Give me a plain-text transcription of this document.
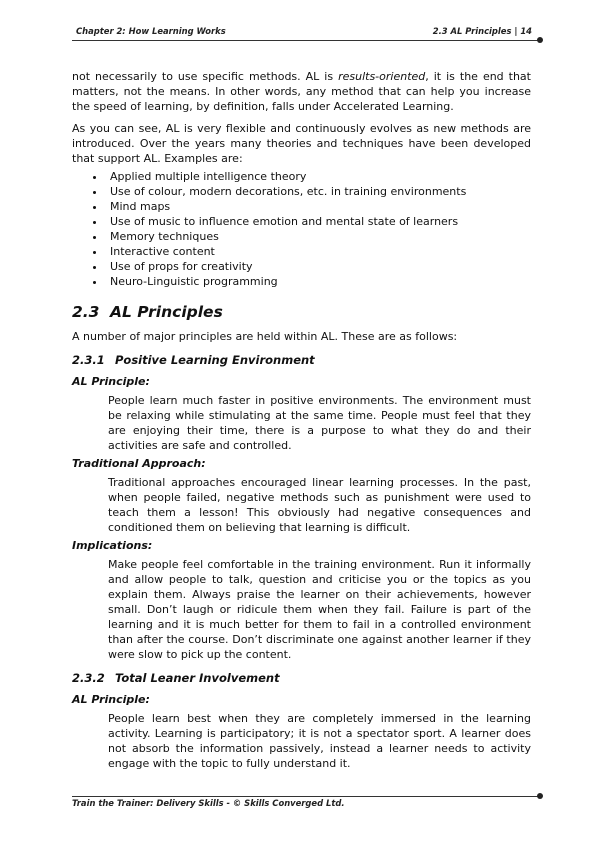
Chapter 2: How Learning Works	2.3 AL Principles | 14

not necessarily to use specific methods. AL is results-oriented, it is the end that matters, not the means. In other words, any method that can help you increase the speed of learning, by definition, falls under Accelerated Learning.

As you can see, AL is very flexible and continuously evolves as new methods are introduced. Over the years many theories and techniques have been developed that support AL. Examples are:

• Applied multiple intelligence theory
• Use of colour, modern decorations, etc. in training environments
• Mind maps
• Use of music to influence emotion and mental state of learners
• Memory techniques
• Interactive content
• Use of props for creativity
• Neuro-Linguistic programming
2.3 AL Principles

A number of major principles are held within AL. These are as follows:

2.3.1 Positive Learning Environment
AL Principle:

People learn much faster in positive environments. The environment must be relaxing while stimulating at the same time. People must feel that they are enjoying their time, there is a purpose to what they do and their activities are safe and controlled.

Traditional Approach:

Traditional approaches encouraged linear learning processes. In the past, when people failed, negative methods such as punishment were used to teach them a lesson! This obviously had negative consequences and conditioned them on believing that learning is difficult.

Implications:

Make people feel comfortable in the training environment. Run it informally and allow people to talk, question and criticise you or the topics as you explain them. Always praise the learner on their achievements, however small. Don’t laugh or ridicule them when they fail. Failure is part of the learning and it is much better for them to fail in a controlled environment than after the course. Don’t discriminate one against another learner if they were slow to pick up the content.

2.3.2 Total Leaner Involvement
AL Principle:

People learn best when they are completely immersed in the learning activity. Learning is participatory; it is not a spectator sport. A learner does not absorb the information passively, instead a learner needs to activity engage with the topic to fully understand it.

Train the Trainer: Delivery Skills - © Skills Converged Ltd.
